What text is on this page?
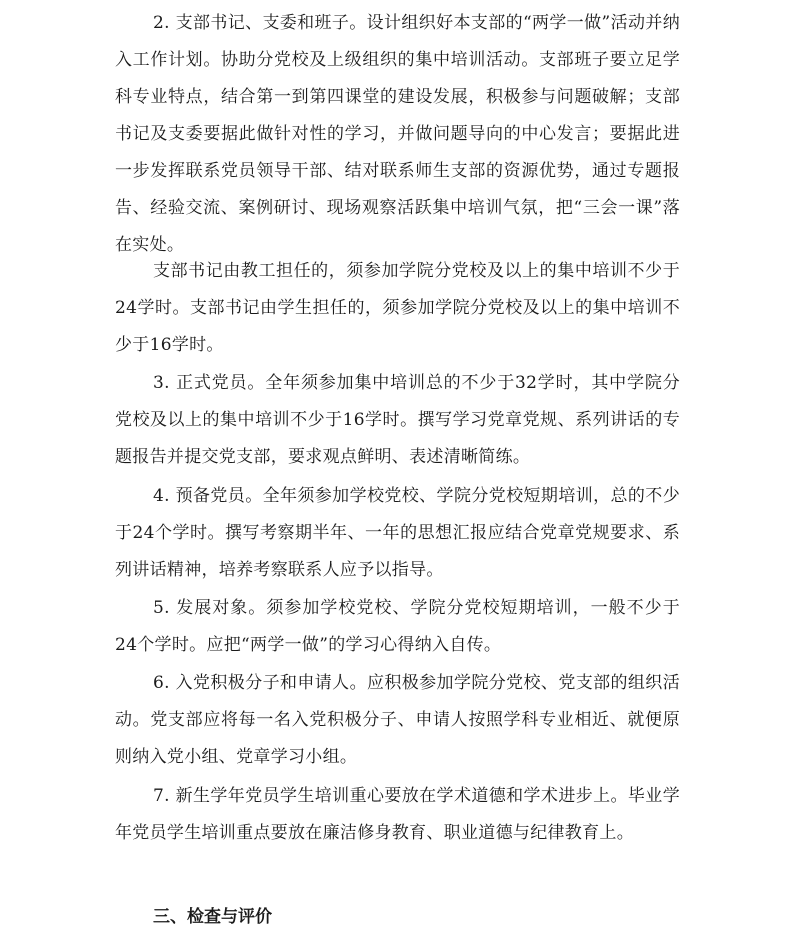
2. 支部书记、支委和班子。设计组织好本支部的“两学一做”活动并纳入工作计划。协助分党校及上级组织的集中培训活动。支部班子要立足学科专业特点，结合第一到第四课堂的建设发展，积极参与问题破解；支部书记及支委要据此做针对性的学习，并做问题导向的中心发言；要据此进一步发挥联系党员领导干部、结对联系师生支部的资源优势，通过专题报告、经验交流、案例研讨、现场观察活跃集中培训气氛，把“三会一课”落在实处。

支部书记由教工担任的，须参加学院分党校及以上的集中培训不少于24学时。支部书记由学生担任的，须参加学院分党校及以上的集中培训不少于16学时。

3. 正式党员。全年须参加集中培训总的不少于32学时，其中学院分党校及以上的集中培训不少于16学时。撰写学习党章党规、系列讲话的专题报告并提交党支部，要求观点鲜明、表述清晰简练。

4. 预备党员。全年须参加学校党校、学院分党校短期培训，总的不少于24个学时。撰写考察期半年、一年的思想汇报应结合党章党规要求、系列讲话精神，培养考察联系人应予以指导。

5. 发展对象。须参加学校党校、学院分党校短期培训，一般不少于24个学时。应把“两学一做”的学习心得纳入自传。

6. 入党积极分子和申请人。应积极参加学院分党校、党支部的组织活动。党支部应将每一名入党积极分子、申请人按照学科专业相近、就便原则纳入党小组、党章学习小组。

7. 新生学年党员学生培训重心要放在学术道德和学术进步上。毕业学年党员学生培训重点要放在廉洁修身教育、职业道德与纪律教育上。

三、检查与评价
